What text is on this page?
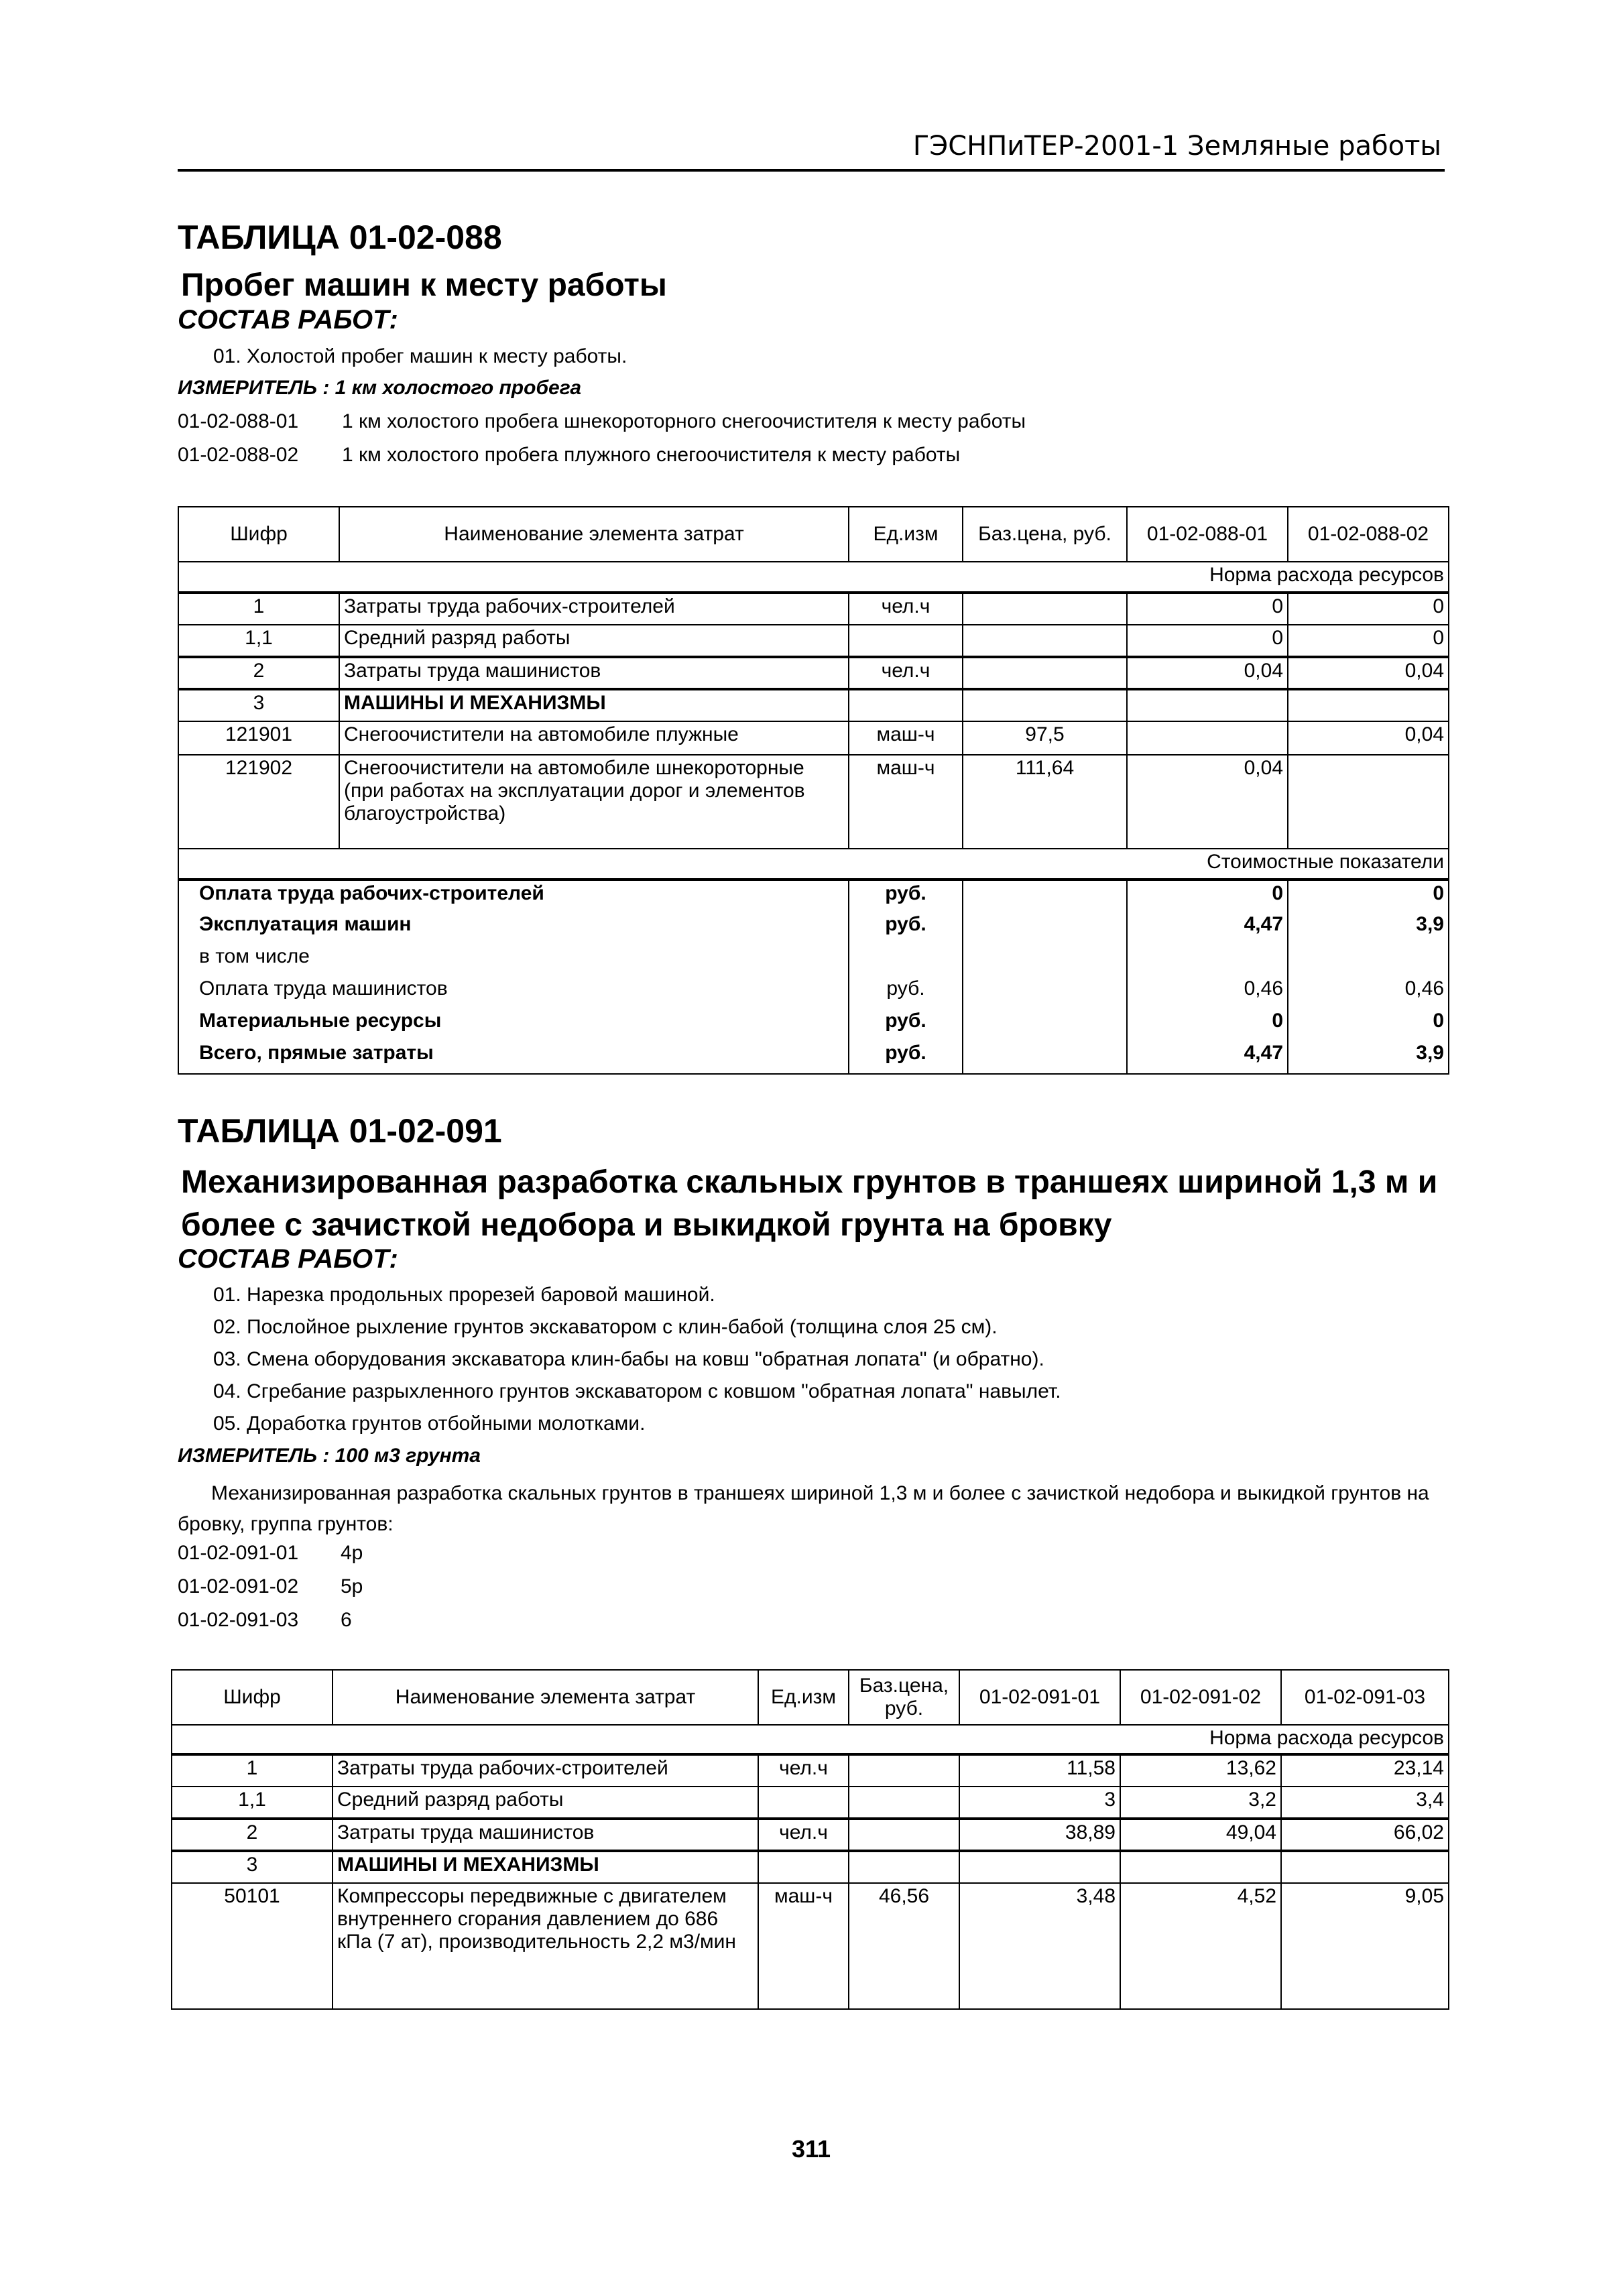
ГЭСНПиТЕР-2001-1 Земляные работы
ТАБЛИЦА 01-02-088
Пробег машин к месту работы
СОСТАВ РАБОТ:
01. Холостой пробег машин к месту работы.
ИЗМЕРИТЕЛЬ : 1 км холостого пробега
01-02-088-01 1 км холостого пробега шнекороторного снегоочистителя к месту работы
01-02-088-02 1 км холостого пробега плужного снегоочистителя к месту работы
Шифр	Наименование элемента затрат	Ед.изм	Баз.цена, руб.	01-02-088-01	01-02-088-02
Норма расхода ресурсов					
1	Затраты труда рабочих-строителей	чел.ч		0	0
1,1	Средний разряд работы			0	0
2	Затраты труда машинистов	чел.ч		0,04	0,04
3	МАШИНЫ И МЕХАНИЗМЫ				
121901	Снегоочистители на автомобиле плужные	маш-ч	97,5		0,04
121902	Снегоочистители на автомобиле шнекороторные (при работах на эксплуатации дорог и элементов благоустройства)	маш-ч	111,64	0,04	
Стоимостные показатели					
Оплата труда рабочих-строителей		руб.		0	0
Эксплуатация машин		руб.		4,47	3,9
в том числе					
Оплата труда машинистов		руб.		0,46	0,46
Материальные ресурсы		руб.		0	0
Всего, прямые затраты		руб.		4,47	3,9
ТАБЛИЦА 01-02-091
Механизированная разработка скальных грунтов в траншеях шириной 1,3 м и более с зачисткой недобора и выкидкой грунта на бровку
СОСТАВ РАБОТ:
01. Нарезка продольных прорезей баровой машиной.
02. Послойное рыхление грунтов экскаватором с клин-бабой (толщина слоя 25 см).
03. Смена оборудования экскаватора клин-бабы на ковш "обратная лопата" (и обратно).
04. Сгребание разрыхленного грунтов экскаватором с ковшом "обратная лопата" навылет.
05. Доработка грунтов отбойными молотками.
ИЗМЕРИТЕЛЬ : 100 м3 грунта
Механизированная разработка скальных грунтов в траншеях шириной 1,3 м и более с зачисткой недобора и выкидкой грунтов на бровку, группа грунтов:
01-02-091-01 4р
01-02-091-02 5р
01-02-091-03 6
Шифр	Наименование элемента затрат	Ед.изм	Баз.цена, руб.	01-02-091-01	01-02-091-02	01-02-091-03
Норма расхода ресурсов						
1	Затраты труда рабочих-строителей	чел.ч		11,58	13,62	23,14
1,1	Средний разряд работы			3	3,2	3,4
2	Затраты труда машинистов	чел.ч		38,89	49,04	66,02
3	МАШИНЫ И МЕХАНИЗМЫ					
50101	Компрессоры передвижные с двигателем внутреннего сгорания давлением до 686 кПа (7 ат), производительность 2,2 м3/мин	маш-ч	46,56	3,48	4,52	9,05
311
